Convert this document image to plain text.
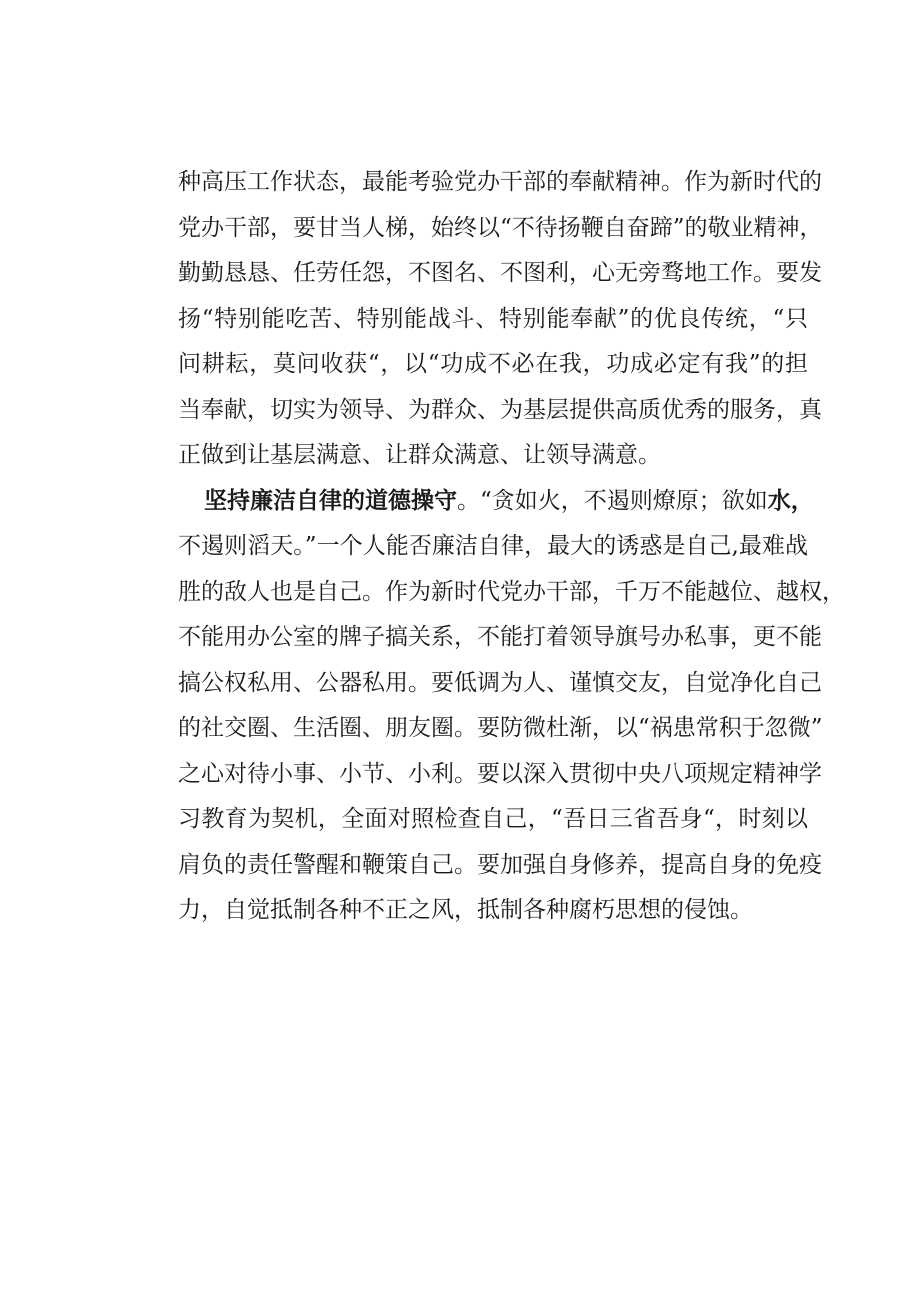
种高压工作状态，最能考验党办干部的奉献精神。作为新时代的
党办干部，要甘当人梯，始终以“不待扬鞭自奋蹄”的敬业精神，
勤勤恳恳、任劳任怨，不图名、不图利，心无旁骛地工作。要发
扬“特别能吃苦、特别能战斗、特别能奉献”的优良传统，“只
问耕耘，莫问收获“，以“功成不必在我，功成必定有我”的担
当奉献，切实为领导、为群众、为基层提供高质优秀的服务，真
正做到让基层满意、让群众满意、让领导满意。
坚持廉洁自律的道德操守。“贪如火，不遏则燎原；欲如水，
不遏则滔天。”一个人能否廉洁自律，最大的诱惑是自己,最难战
胜的敌人也是自己。作为新时代党办干部，千万不能越位、越权，
不能用办公室的牌子搞关系，不能打着领导旗号办私事，更不能
搞公权私用、公器私用。要低调为人、谨慎交友，自觉净化自己
的社交圈、生活圈、朋友圈。要防微杜渐，以“祸患常积于忽微”
之心对待小事、小节、小利。要以深入贯彻中央八项规定精神学
习教育为契机，全面对照检查自己，“吾日三省吾身“，时刻以
肩负的责任警醒和鞭策自己。要加强自身修养，提高自身的免疫
力，自觉抵制各种不正之风，抵制各种腐朽思想的侵蚀。
